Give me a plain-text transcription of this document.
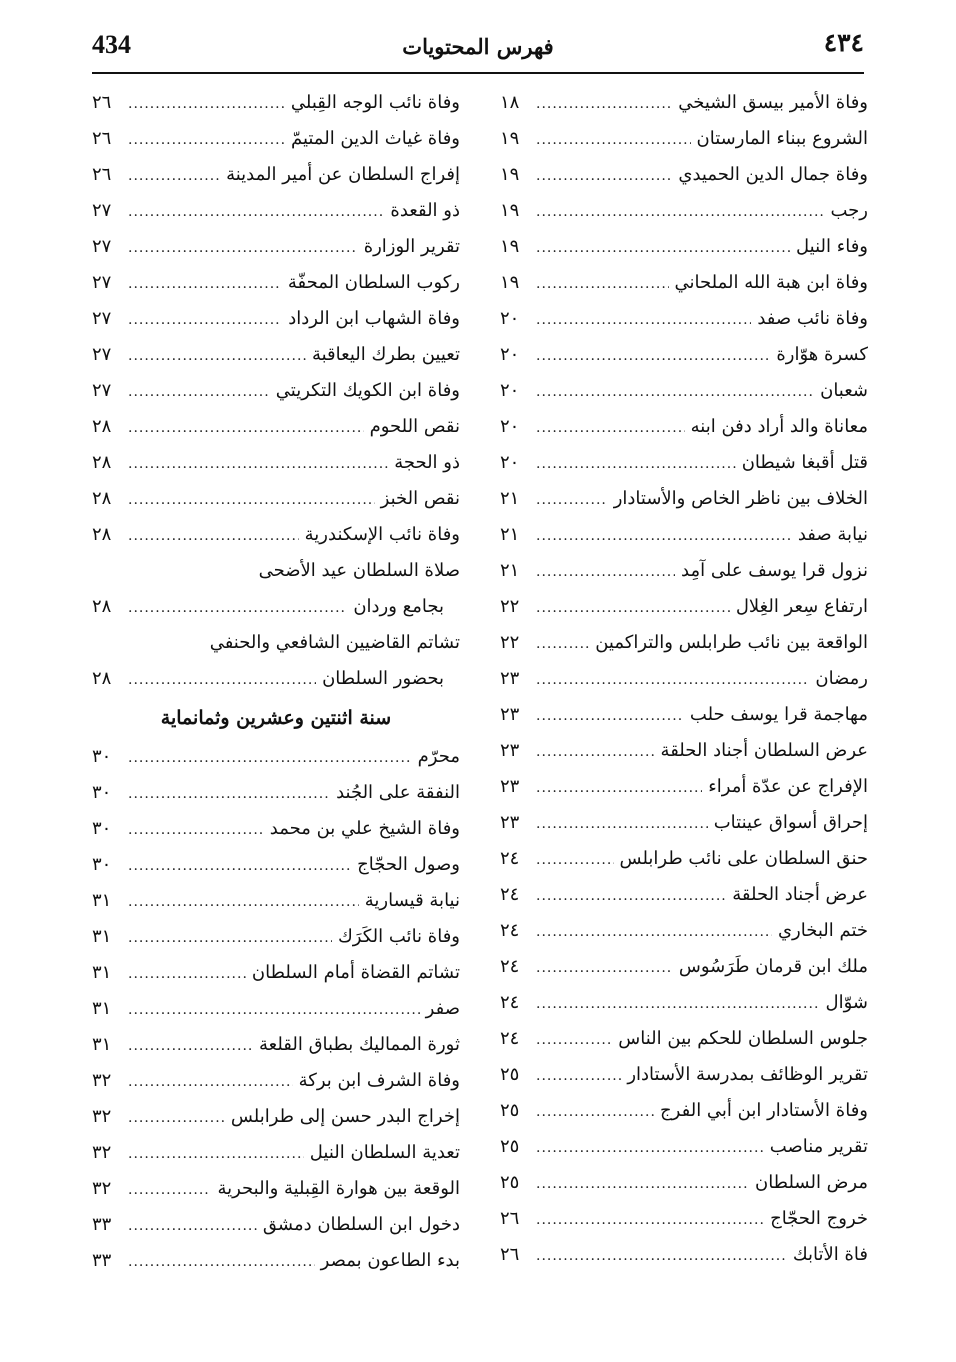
434	فهرس المحتويات	٤٣٤
وفاة الأمير بيسق الشيخي
.....
١٨
الشروع ببناء المارستان
.....
١٩
وفاة جمال الدين الحميدي
.....
١٩
رجب
.....
١٩
وفاء النيل
.....
١٩
وفاة ابن هبة الله الملحاني
.....
١٩
وفاة نائب صفد
.....
٢٠
كسرة هوّارة
.....
٢٠
شعبان
.....
٢٠
معاناة والد أراد دفن ابنه
.....
٢٠
قتل أقبغا شيطان
.....
٢٠
الخلاف بين ناظر الخاص والأستادار
.....
٢١
نيابة صفد
.....
٢١
نزول قرا يوسف على آمِد
.....
٢١
ارتفاع سِعر الغِلال
.....
٢٢
الواقعة بين نائب طرابلس والتراكمين
.....
٢٢
رمضان
.....
٢٣
مهاجمة قرا يوسف حلب
.....
٢٣
عرض السلطان أجناد الحلقة
.....
٢٣
الإفراج عن عدّة أمراء
.....
٢٣
إحراق أسواق عينتاب
.....
٢٣
حنق السلطان على نائب طرابلس
.....
٢٤
عرض أجناد الحلقة
.....
٢٤
ختم البخاري
.....
٢٤
ملك ابن قرمان طَرَسُوس
.....
٢٤
شوّال
.....
٢٤
جلوس السلطان للحكم بين الناس
.....
٢٤
تقرير الوظائف بمدرسة الأستادار
.....
٢٥
وفاة الأستادار ابن أبي الفرج
.....
٢٥
تقرير مناصب
.....
٢٥
مرض السلطان
.....
٢٥
خروج الحجّاج
.....
٢٦
فاة الأتابك
.....
٢٦
وفاة نائب الوجه القِبلي
.....
٢٦
وفاة غياث الدين المتيمّ
.....
٢٦
إفراج السلطان عن أمير المدينة
.....
٢٦
ذو القعدة
.....
٢٧
تقرير الوزارة
.....
٢٧
ركوب السلطان المحفّة
.....
٢٧
وفاة الشهاب ابن الرداد
.....
٢٧
تعيين بطرك اليعاقبة
.....
٢٧
وفاة ابن الكويك التكريتي
.....
٢٧
نقص اللحوم
.....
٢٨
ذو الحجة
.....
٢٨
نقص الخبز
.....
٢٨
وفاة نائب الإسكندرية
.....
٢٨
صلاة السلطان عيد الأضحى
بجامع وردان
.....
٢٨
تشاتم القاضيين الشافعي والحنفي
بحضور السلطان
.....
٢٨
سنة اثنتين وعشرين وثمانماية
محرّم
.....
٣٠
النفقة على الجُند
.....
٣٠
وفاة الشيخ علي بن محمد
.....
٣٠
وصول الحجّاج
.....
٣٠
نيابة قيسارية
.....
٣١
وفاة نائب الكَرَك
.....
٣١
تشاتم القضاة أمام السلطان
.....
٣١
صفر
.....
٣١
ثورة المماليك بطباق القلعة
.....
٣١
وفاة الشرف ابن بركة
.....
٣٢
إخراج البدر حسن إلى طرابلس
.....
٣٢
تعدية السلطان النيل
.....
٣٢
الوقعة بين هوارة القِبلية والبحرية
.....
٣٢
دخول ابن السلطان دمشق
.....
٣٣
بدء الطاعون بمصر
.....
٣٣
